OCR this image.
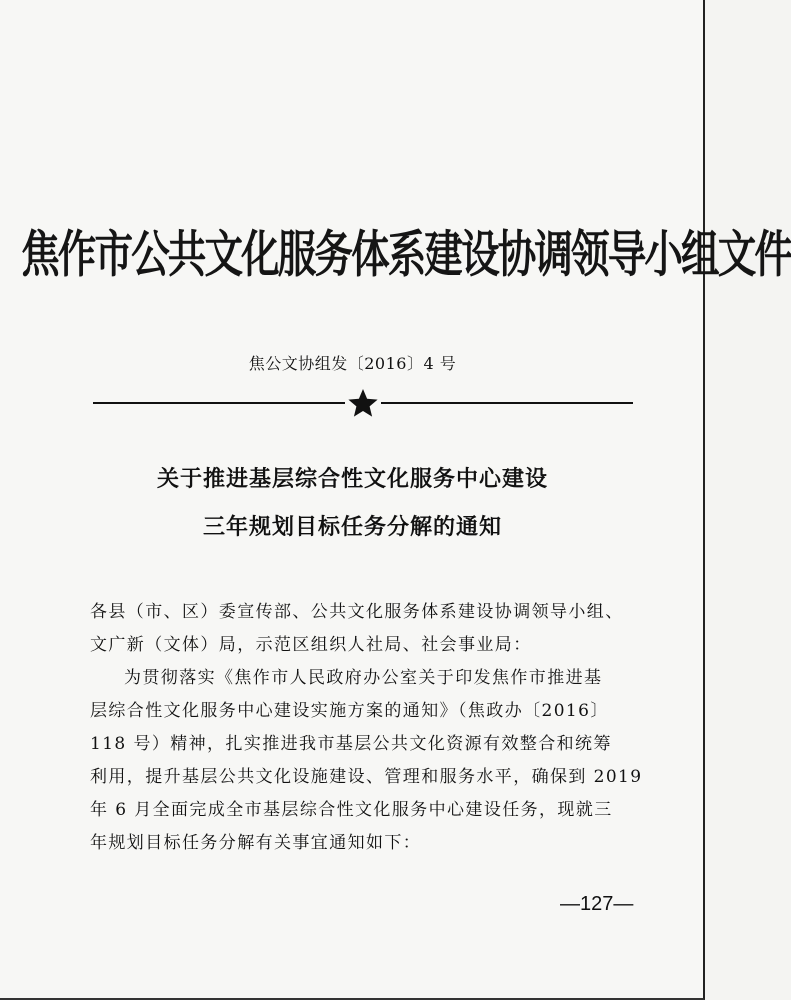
焦作市公共文化服务体系建设协调领导小组文件
焦公文协组发〔2016〕4 号
关于推进基层综合性文化服务中心建设
三年规划目标任务分解的通知
各县（市、区）委宣传部、公共文化服务体系建设协调领导小组、
文广新（文体）局，示范区组织人社局、社会事业局：
为贯彻落实《焦作市人民政府办公室关于印发焦作市推进基
层综合性文化服务中心建设实施方案的通知》（焦政办〔2016〕
118 号）精神，扎实推进我市基层公共文化资源有效整合和统筹
利用，提升基层公共文化设施建设、管理和服务水平，确保到 2019
年 6 月全面完成全市基层综合性文化服务中心建设任务，现就三
年规划目标任务分解有关事宜通知如下：
—127—
